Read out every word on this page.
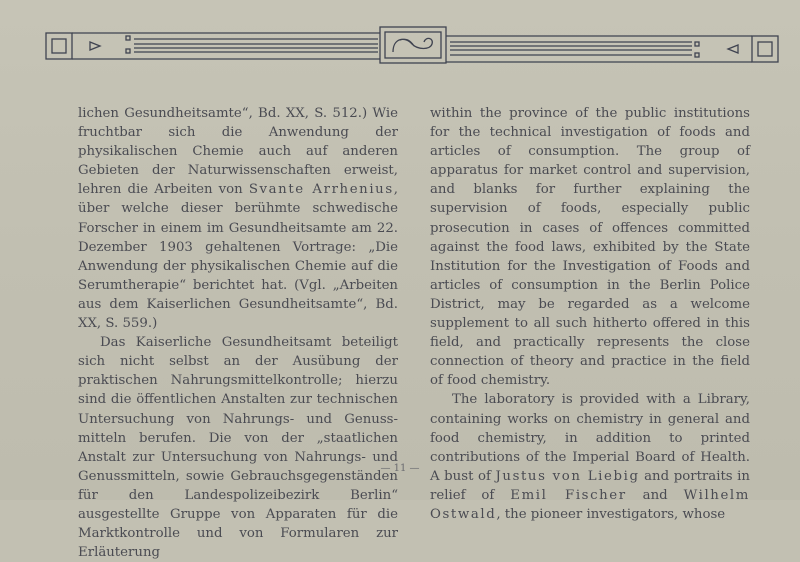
lichen Gesundheitsamte“, Bd. XX, S. 512.) Wie fruchtbar sich die Anwendung der physikalischen Chemie auch auf anderen Gebieten der Naturwissenschaften erweist, lehren die Arbeiten von Svante Arrhenius, über welche dieser berühmte schwedische Forscher in einem im Gesundheitsamte am 22. Dezember 1903 gehaltenen Vortrage: „Die Anwendung der physikalischen Chemie auf die Serumtherapie“ berichtet hat. (Vgl. „Arbeiten aus dem Kaiserlichen Gesundheitsamte“, Bd. XX, S. 559.)

Das Kaiserliche Gesundheitsamt beteiligt sich nicht selbst an der Ausübung der praktischen Nahrungsmittelkontrolle; hierzu sind die öffentlichen Anstalten zur technischen Untersuchung von Nahrungs- und Genussmitteln berufen. Die von der „staatlichen Anstalt zur Untersuchung von Nahrungs- und Genussmitteln, sowie Gebrauchsgegenständen für den Landespolizeibezirk Berlin“ ausgestellte Gruppe von Apparaten für die Marktkontrolle und von Formularen zur Erläuterung

within the province of the public institutions for the technical investigation of foods and articles of consumption. The group of apparatus for market control and supervision, and blanks for further explaining the supervision of foods, especially public prosecution in cases of offences committed against the food laws, exhibited by the State Institution for the Investigation of Foods and articles of consumption in the Berlin Police District, may be regarded as a welcome supplement to all such hitherto offered in this field, and practically represents the close connection of theory and practice in the field of food chemistry.

The laboratory is provided with a Library, containing works on chemistry in general and food chemistry, in addition to printed contributions of the Imperial Board of Health. A bust of Justus von Liebig and portraits in relief of Emil Fischer and Wilhelm Ostwald, the pioneer investigators, whose

— 11 —
